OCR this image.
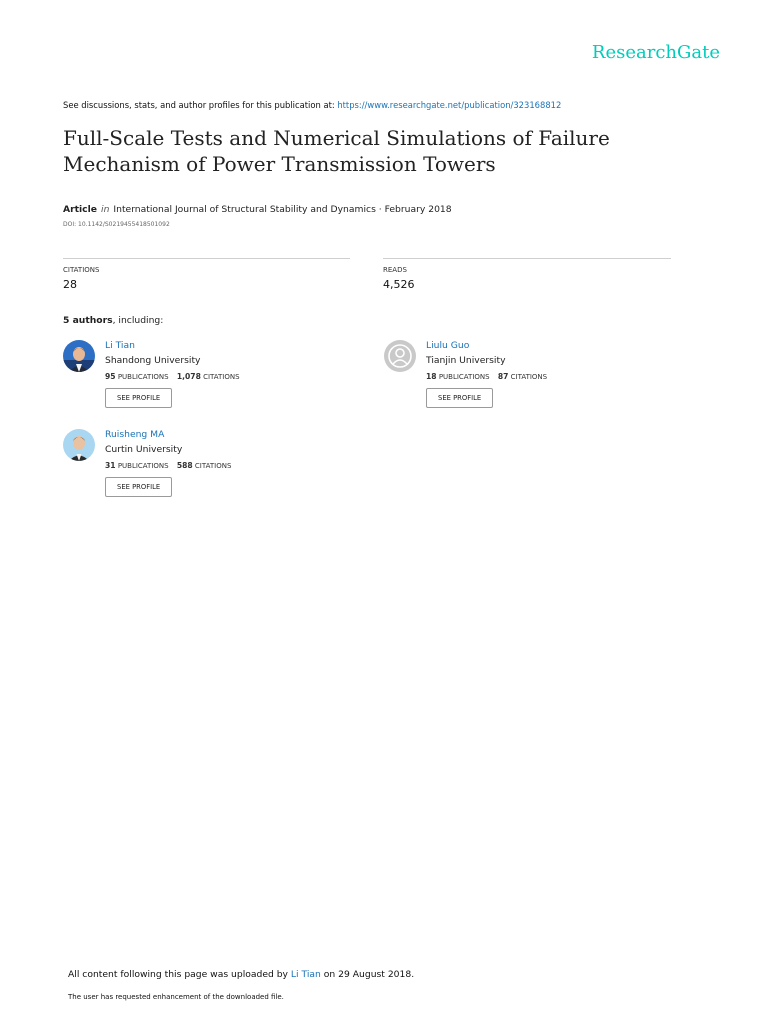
ResearchGate
See discussions, stats, and author profiles for this publication at: https://www.researchgate.net/publication/323168812
Full-Scale Tests and Numerical Simulations of Failure Mechanism of Power Transmission Towers
Article in International Journal of Structural Stability and Dynamics · February 2018
DOI: 10.1142/S0219455418501092
CITATIONS
28
READS
4,526
5 authors, including:
Li Tian
Shandong University
95 PUBLICATIONS 1,078 CITATIONS
SEE PROFILE
Liulu Guo
Tianjin University
18 PUBLICATIONS 87 CITATIONS
SEE PROFILE
Ruisheng MA
Curtin University
31 PUBLICATIONS 588 CITATIONS
SEE PROFILE
All content following this page was uploaded by Li Tian on 29 August 2018.
The user has requested enhancement of the downloaded file.
